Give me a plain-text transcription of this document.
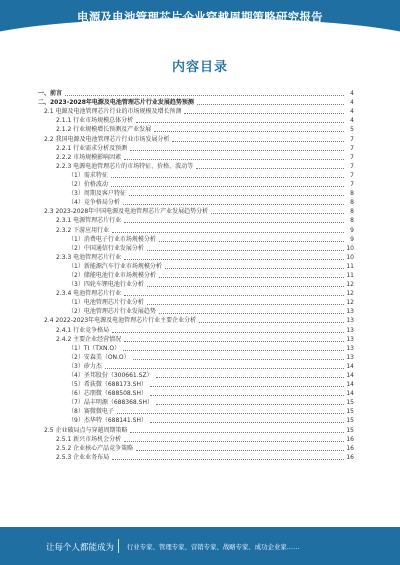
电源及电池管理芯片企业穿越周期策略研究报告
内容目录
一、前言	4
二、2023-2028年电源及电池管理芯片行业发展趋势预测	4
2.1 电源及电池管理芯片行业的市场规模及增长预测	4
2.1.1 行业市场规模总体分析	4
2.1.2 行业规模增长预测及产业发展	5
2.2 我国电源及电池管理芯片行业市场发展分析	7
2.2.1 行业需求分析及预测	7
2.2.2 市场规模影响因素	7
2.2.3 电源电池管理芯片的市场特征、价格、波动等	7
（1）需求特征	7
（2）价格波动	7
（3）周期及客户特征	8
（4）竞争格局分析	8
2.3 2023-2028年中国电源及电池管理芯片产业发展趋势分析	8
2.3.1 电源管理芯片行业	8
2.3.2 下游应用行业	9
（1）消费电子行业市场规模分析	9
（2）中国通信行业发展分析	10
2.3.3 电池管理芯片行业	10
（1）新能源汽车行业市场规模分析	11
（2）储能电池行业市场规模分析	11
（3）四轮车锂电池行业分析	12
2.3.4 电池管理芯片行业	12
（1）电池管理芯片行业分析	12
（2）电池管理芯片行业发展趋势	13
2.4 2022-2023年电源及电池管理芯片行业主要企业分析	13
2.4.1 行业竞争格局	13
2.4.2 主要企业经营情况	13
（1）TI（TXN.O）	13
（2）安森美（ON.O）	13
（3）矽力杰	14
（4）圣邦股份（300661.SZ）	14
（5）希荻微（688173.SH）	14
（6）芯朋微（688508.SH）	14
（7）晶丰明源（688368.SH）	15
（8）赛微微电子	15
（9）杰华特（688141.SH）	15
2.5 企业破局点与穿越周期策略	15
2.5.1 新兴市场机会分析	16
2.5.2 企业核心产品竞争策略	16
2.5.3 企业业务布局	16
让每个人都能成为 行业专家、管理专家、营销专家、战略专家、成功企业家……
